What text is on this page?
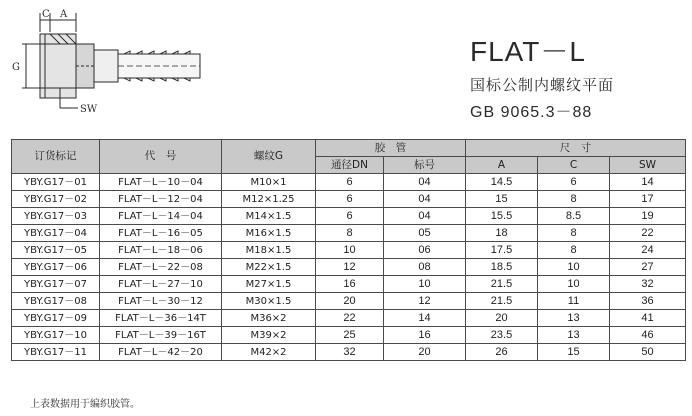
C A
G
SW
FLAT－L
国标公制内螺纹平面
GB 9065.3－88
订货标记	代　号	螺纹G	胶　管		尺　寸		
			通径DN	标号	A	C	SW
YBY.G17－01	FLAT－L－10－04	M10×1	6	04	14.5	6	14
YBY.G17－02	FLAT－L－12－04	M12×1.25	6	04	15	8	17
YBY.G17－03	FLAT－L－14－04	M14×1.5	6	04	15.5	8.5	19
YBY.G17－04	FLAT－L－16－05	M16×1.5	8	05	18	8	22
YBY.G17－05	FLAT－L－18－06	M18×1.5	10	06	17.5	8	24
YBY.G17－06	FLAT－L－22－08	M22×1.5	12	08	18.5	10	27
YBY.G17－07	FLAT－L－27－10	M27×1.5	16	10	21.5	10	32
YBY.G17－08	FLAT－L－30－12	M30×1.5	20	12	21.5	11	36
YBY.G17－09	FLAT－L－36－14T	M36×2	22	14	20	13	41
YBY.G17－10	FLAT－L－39－16T	M39×2	25	16	23.5	13	46
YBY.G17－11	FLAT－L－42－20	M42×2	32	20	26	15	50
上表数据用于编织胶管。
